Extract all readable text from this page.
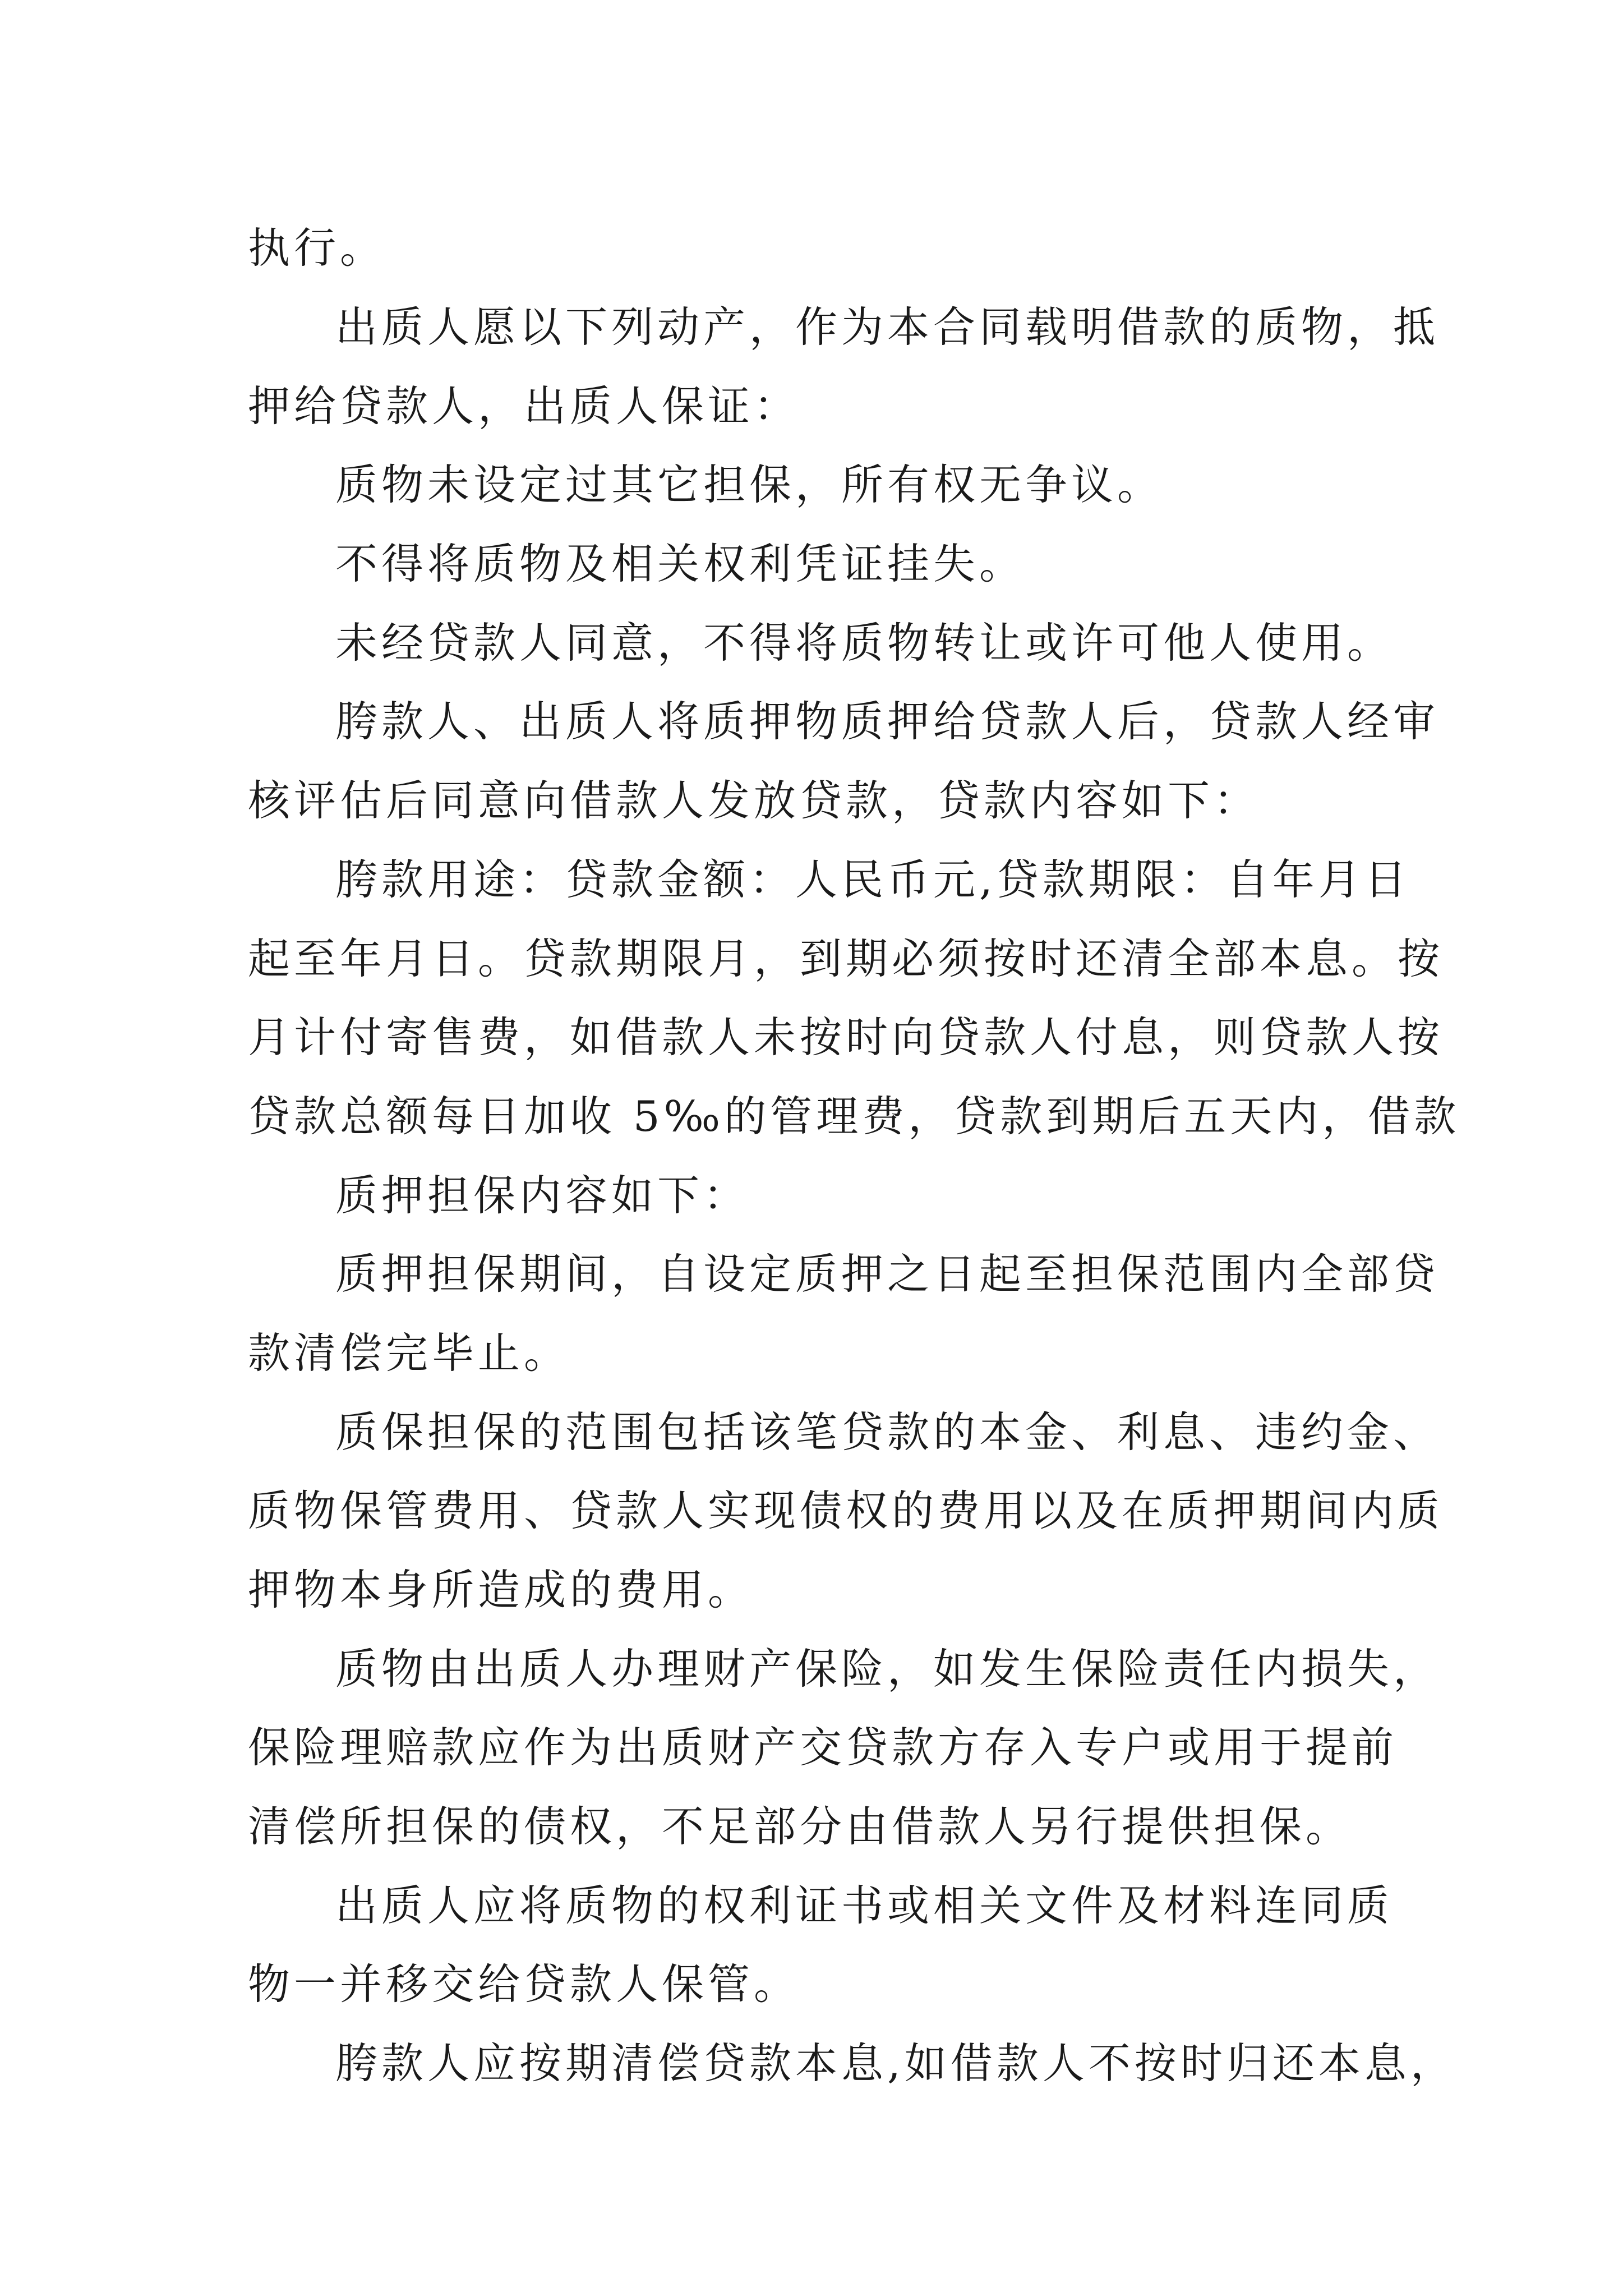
执行。
出质人愿以下列动产，作为本合同载明借款的质物，抵
押给贷款人，出质人保证：
质物未设定过其它担保，所有权无争议。
不得将质物及相关权利凭证挂失。
未经贷款人同意，不得将质物转让或许可他人使用。
胯款人、出质人将质押物质押给贷款人后，贷款人经审
核评估后同意向借款人发放贷款，贷款内容如下：
胯款用途：贷款金额：人民币元,贷款期限：自年月日
起至年月日。贷款期限月，到期必须按时还清全部本息。按
月计付寄售费，如借款人未按时向贷款人付息，则贷款人按
贷款总额每日加收 5‰的管理费，贷款到期后五天内，借款
质押担保内容如下：
质押担保期间，自设定质押之日起至担保范围内全部贷
款清偿完毕止。
质保担保的范围包括该笔贷款的本金、利息、违约金、
质物保管费用、贷款人实现债权的费用以及在质押期间内质
押物本身所造成的费用。
质物由出质人办理财产保险，如发生保险责任内损失，
保险理赔款应作为出质财产交贷款方存入专户或用于提前
清偿所担保的债权，不足部分由借款人另行提供担保。
出质人应将质物的权利证书或相关文件及材料连同质
物一并移交给贷款人保管。
胯款人应按期清偿贷款本息,如借款人不按时归还本息，
